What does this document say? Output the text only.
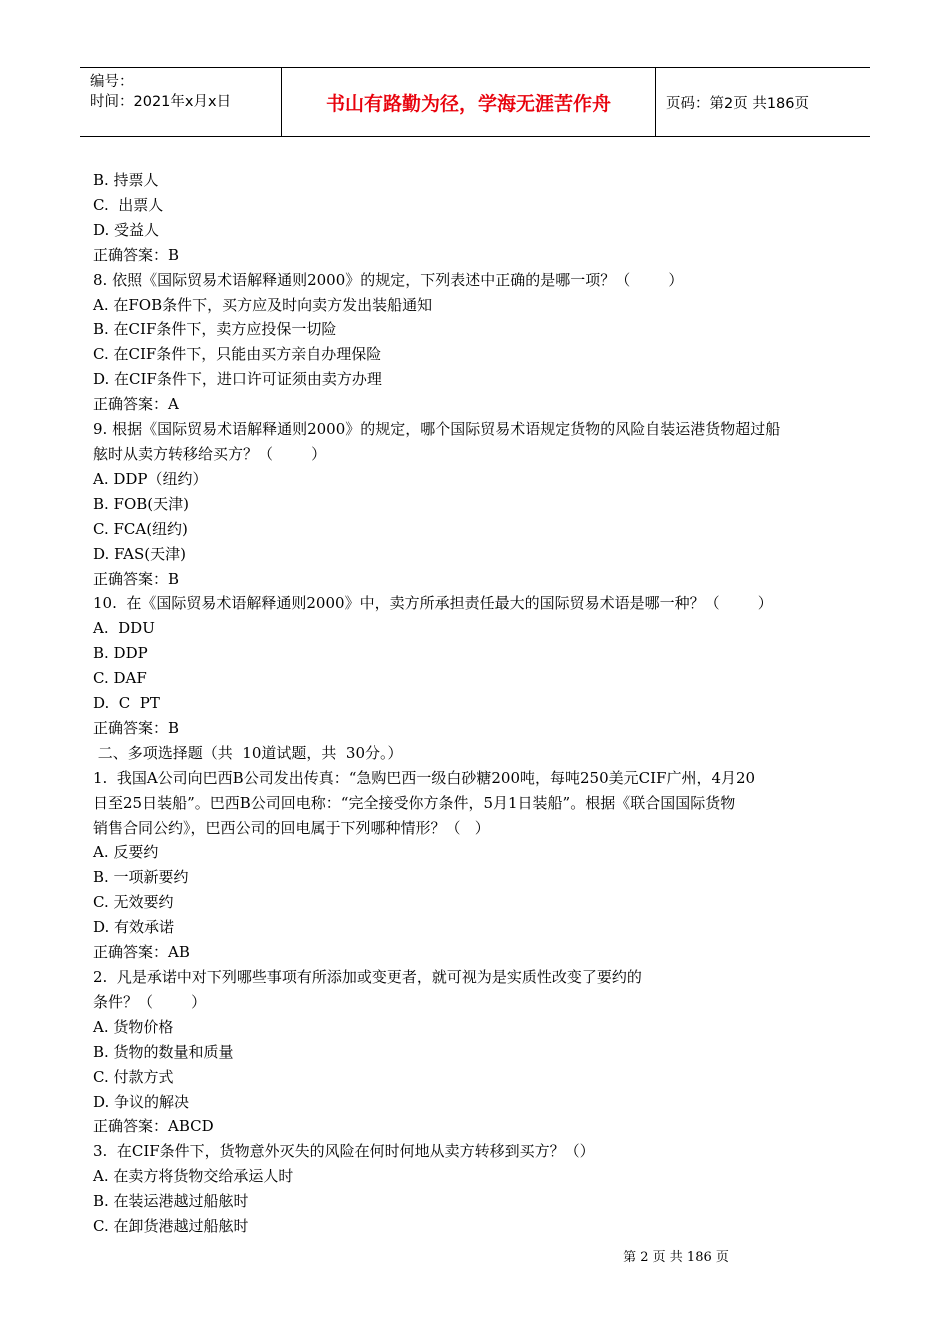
编号：
时间：2021年x月x日	书山有路勤为径，学海无涯苦作舟	页码：第2页 共186页
B. 持票人
C.  出票人
D. 受益人
正确答案：B
8. 依照《国际贸易术语解释通则2000》的规定，下列表述中正确的是哪一项？（        ）
A. 在FOB条件下，买方应及时向卖方发出装船通知
B. 在CIF条件下，卖方应投保一切险
C. 在CIF条件下，只能由买方亲自办理保险
D. 在CIF条件下，进口许可证须由卖方办理
正确答案：A
9. 根据《国际贸易术语解释通则2000》的规定，哪个国际贸易术语规定货物的风险自装运港货物超过船
舷时从卖方转移给买方？（        ）
A. DDP（纽约）
B. FOB(天津)
C. FCA(纽约)
D. FAS(天津)
正确答案：B
10.  在《国际贸易术语解释通则2000》中，卖方所承担责任最大的国际贸易术语是哪一种？（        ）
A.  DDU
B. DDP
C. DAF
D.  C  PT
正确答案：B
二、多项选择题（共  10道试题，共  30分。）
1.  我国A公司向巴西B公司发出传真：“急购巴西一级白砂糖200吨，每吨250美元CIF广州，4月20
日至25日装船”。巴西B公司回电称：“完全接受你方条件，5月1日装船”。根据《联合国国际货物
销售合同公约》，巴西公司的回电属于下列哪种情形？（   ）
A. 反要约
B. 一项新要约
C. 无效要约
D. 有效承诺
正确答案：AB
2.  凡是承诺中对下列哪些事项有所添加或变更者，就可视为是实质性改变了要约的
条件？（        ）
A. 货物价格
B. 货物的数量和质量
C. 付款方式
D. 争议的解决
正确答案：ABCD
3.  在CIF条件下，货物意外灭失的风险在何时何地从卖方转移到买方？（）
A. 在卖方将货物交给承运人时
B. 在装运港越过船舷时
C. 在卸货港越过船舷时
第 2 页 共 186 页
